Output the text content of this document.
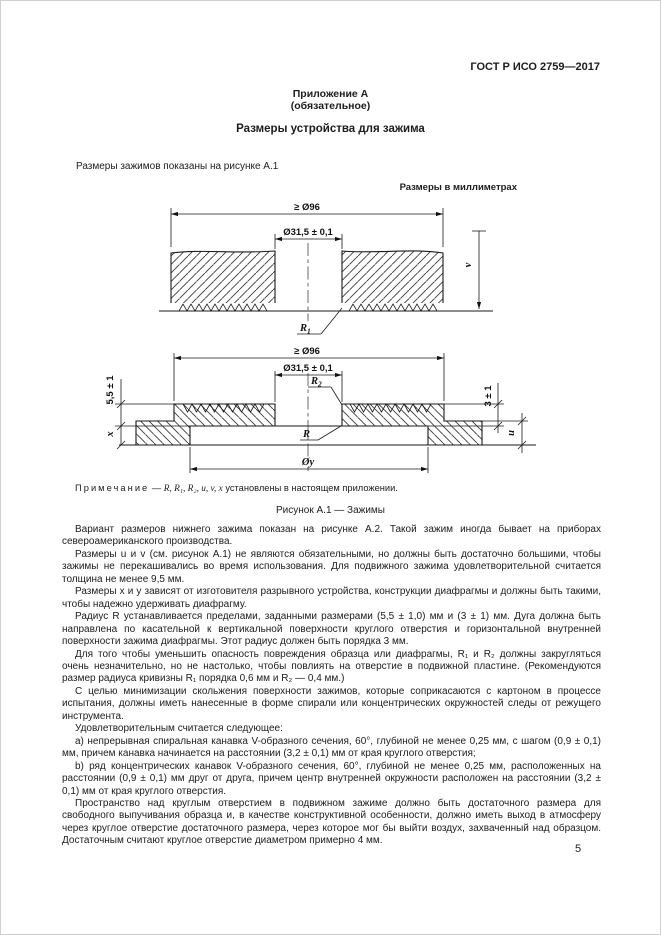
ГОСТ Р ИСО 2759—2017
Приложение А
(обязательное)
Размеры устройства для зажима
Размеры зажимов показаны на рисунке А.1
Размеры в миллиметрах
≥ Ø96
Ø31,5 ± 0,1
v
$R_1$
≥ Ø96
Ø31,5 ± 0,1
$R_2$
R
5,5 ± 1
x
3 ± 1
u
Øy

Примечание — R, R₁, R₂, u, v, x установлены в настоящем приложении.

Рисунок А.1 — Зажимы

Вариант размеров нижнего зажима показан на рисунке А.2. Такой зажим иногда бывает на приборах североамериканского производства.

Размеры u и v (см. рисунок А.1) не являются обязательными, но должны быть достаточно большими, чтобы зажимы не перекашивались во время использования. Для подвижного зажима удовлетворительной считается толщина не менее 9,5 мм.

Размеры x и y зависят от изготовителя разрывного устройства, конструкции диафрагмы и должны быть такими, чтобы надежно удерживать диафрагму.

Радиус R устанавливается пределами, заданными размерами (5,5 ± 1,0) мм и (3 ± 1) мм. Дуга должна быть направлена по касательной к вертикальной поверхности круглого отверстия и горизонтальной внутренней поверхности зажима диафрагмы. Этот радиус должен быть порядка 3 мм.

Для того чтобы уменьшить опасность повреждения образца или диафрагмы, R₁ и R₂ должны закругляться очень незначительно, но не настолько, чтобы повлиять на отверстие в подвижной пластине. (Рекомендуются размер радиуса кривизны R₁ порядка 0,6 мм и R₂ — 0,4 мм.)

С целью минимизации скольжения поверхности зажимов, которые соприкасаются с картоном в процессе испытания, должны иметь нанесенные в форме спирали или концентрических окружностей следы от режущего инструмента.

Удовлетворительным считается следующее:

а) непрерывная спиральная канавка V-образного сечения, 60°, глубиной не менее 0,25 мм, с шагом (0,9 ± 0,1) мм, причем канавка начинается на расстоянии (3,2 ± 0,1) мм от края круглого отверстия;

b) ряд концентрических канавок V-образного сечения, 60°, глубиной не менее 0,25 мм, расположенных на расстоянии (0,9 ± 0,1) мм друг от друга, причем центр внутренней окружности расположен на расстоянии (3,2 ± 0,1) мм от края круглого отверстия.

Пространство над круглым отверстием в подвижном зажиме должно быть достаточного размера для свободного выпучивания образца и, в качестве конструктивной особенности, должно иметь выход в атмосферу через круглое отверстие достаточного размера, через которое мог бы выйти воздух, захваченный над образцом. Достаточным считают круглое отверстие диаметром примерно 4 мм.

5
